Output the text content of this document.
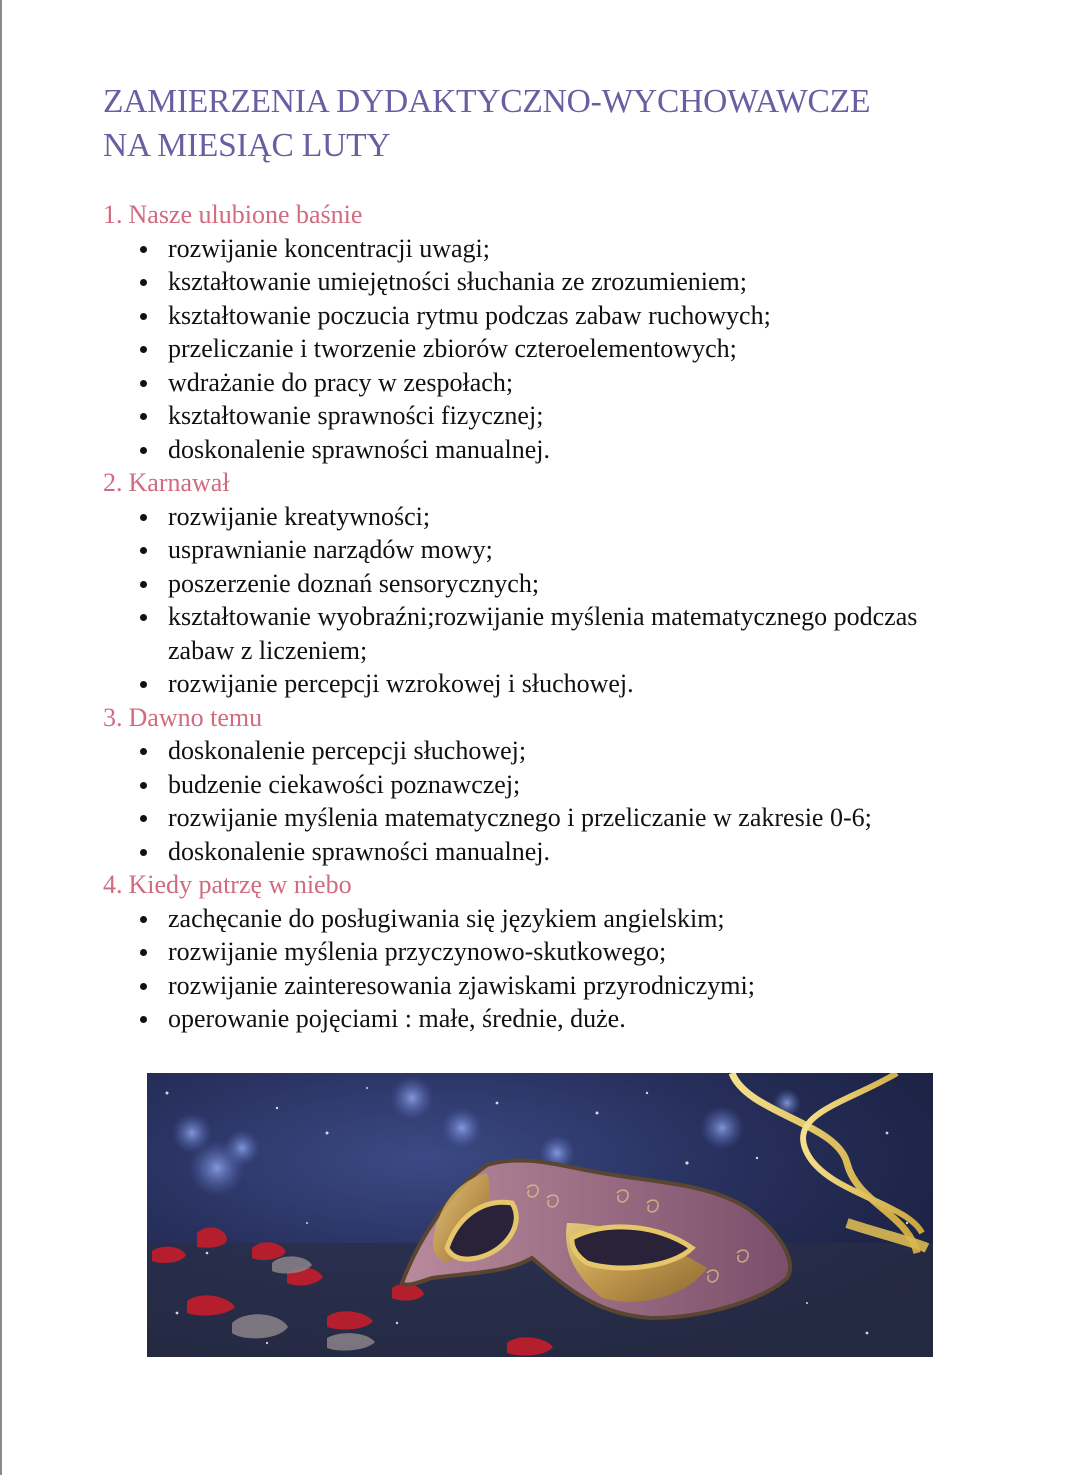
ZAMIERZENIA DYDAKTYCZNO-WYCHOWAWCZE
NA MIESIĄC LUTY
1. Nasze ulubione baśnie
rozwijanie koncentracji uwagi;
kształtowanie umiejętności słuchania ze zrozumieniem;
kształtowanie poczucia rytmu podczas zabaw ruchowych;
przeliczanie i tworzenie zbiorów czteroelementowych;
wdrażanie do pracy w zespołach;
kształtowanie sprawności fizycznej;
doskonalenie sprawności manualnej.
2. Karnawał
rozwijanie kreatywności;
usprawnianie narządów mowy;
poszerzenie doznań sensorycznych;
kształtowanie wyobraźni;rozwijanie myślenia matematycznego podczas zabaw z liczeniem;
rozwijanie percepcji wzrokowej i słuchowej.
3. Dawno temu
doskonalenie percepcji słuchowej;
budzenie ciekawości poznawczej;
rozwijanie myślenia matematycznego i przeliczanie w zakresie 0-6;
doskonalenie sprawności manualnej.
4. Kiedy patrzę w niebo
zachęcanie do posługiwania się językiem angielskim;
rozwijanie myślenia przyczynowo-skutkowego;
rozwijanie zainteresowania zjawiskami przyrodniczymi;
operowanie pojęciami : małe, średnie, duże.
